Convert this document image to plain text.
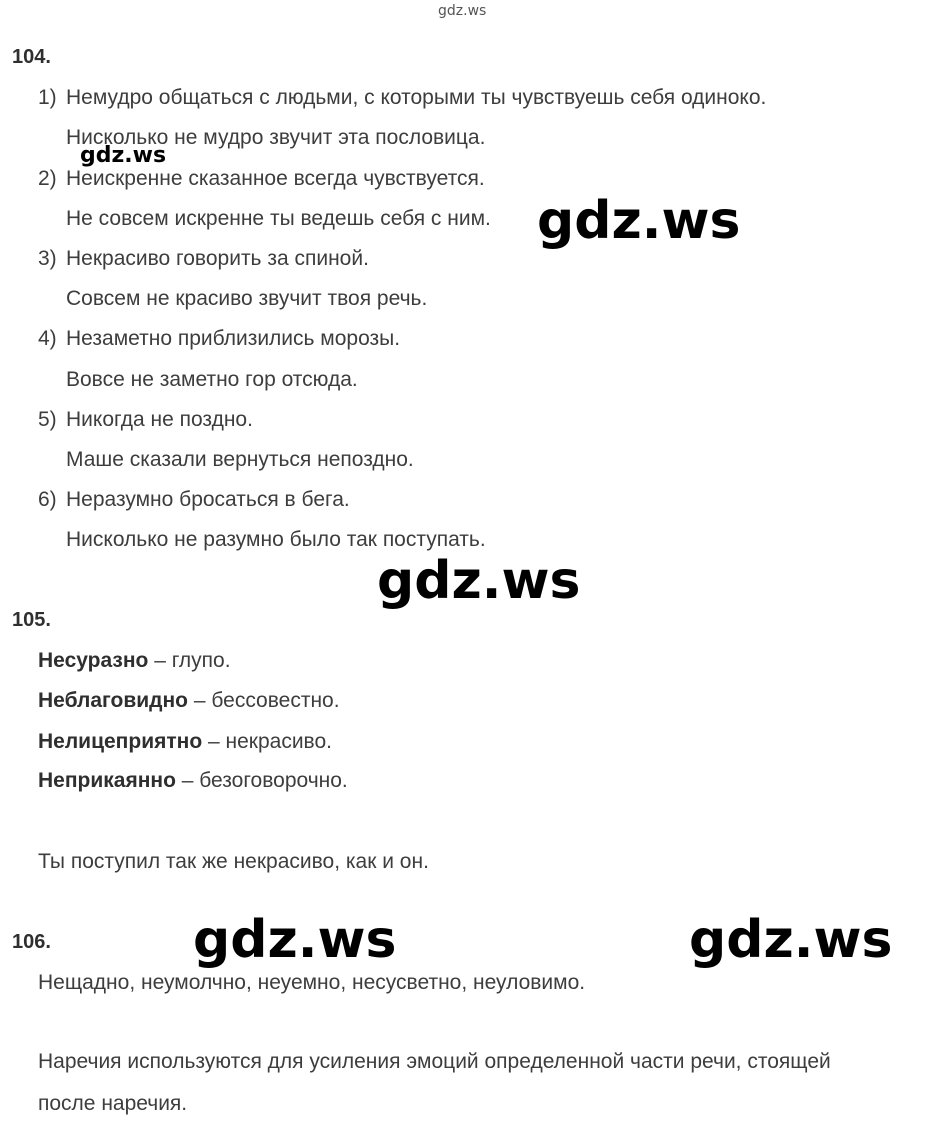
gdz.ws
104.
1) Немудро общаться с людьми, с которыми ты чувствуешь себя одиноко.
Нисколько не мудро звучит эта пословица.
2) Неискренне сказанное всегда чувствуется.
Не совсем искренне ты ведешь себя с ним.
3) Некрасиво говорить за спиной.
Совсем не красиво звучит твоя речь.
4) Незаметно приблизились морозы.
Вовсе не заметно гор отсюда.
5) Никогда не поздно.
Маше сказали вернуться непоздно.
6) Неразумно бросаться в бега.
Нисколько не разумно было так поступать.
105.
Несуразно – глупо.
Неблаговидно – бессовестно.
Нелицеприятно – некрасиво.
Неприкаянно – безоговорочно.
Ты поступил так же некрасиво, как и он.
106.
Нещадно, неумолчно, неуемно, несусветно, неуловимо.
Наречия используются для усиления эмоций определенной части речи, стоящей
после наречия.
gdz.ws
gdz.ws
gdz.ws
gdz.ws	gdz.ws
